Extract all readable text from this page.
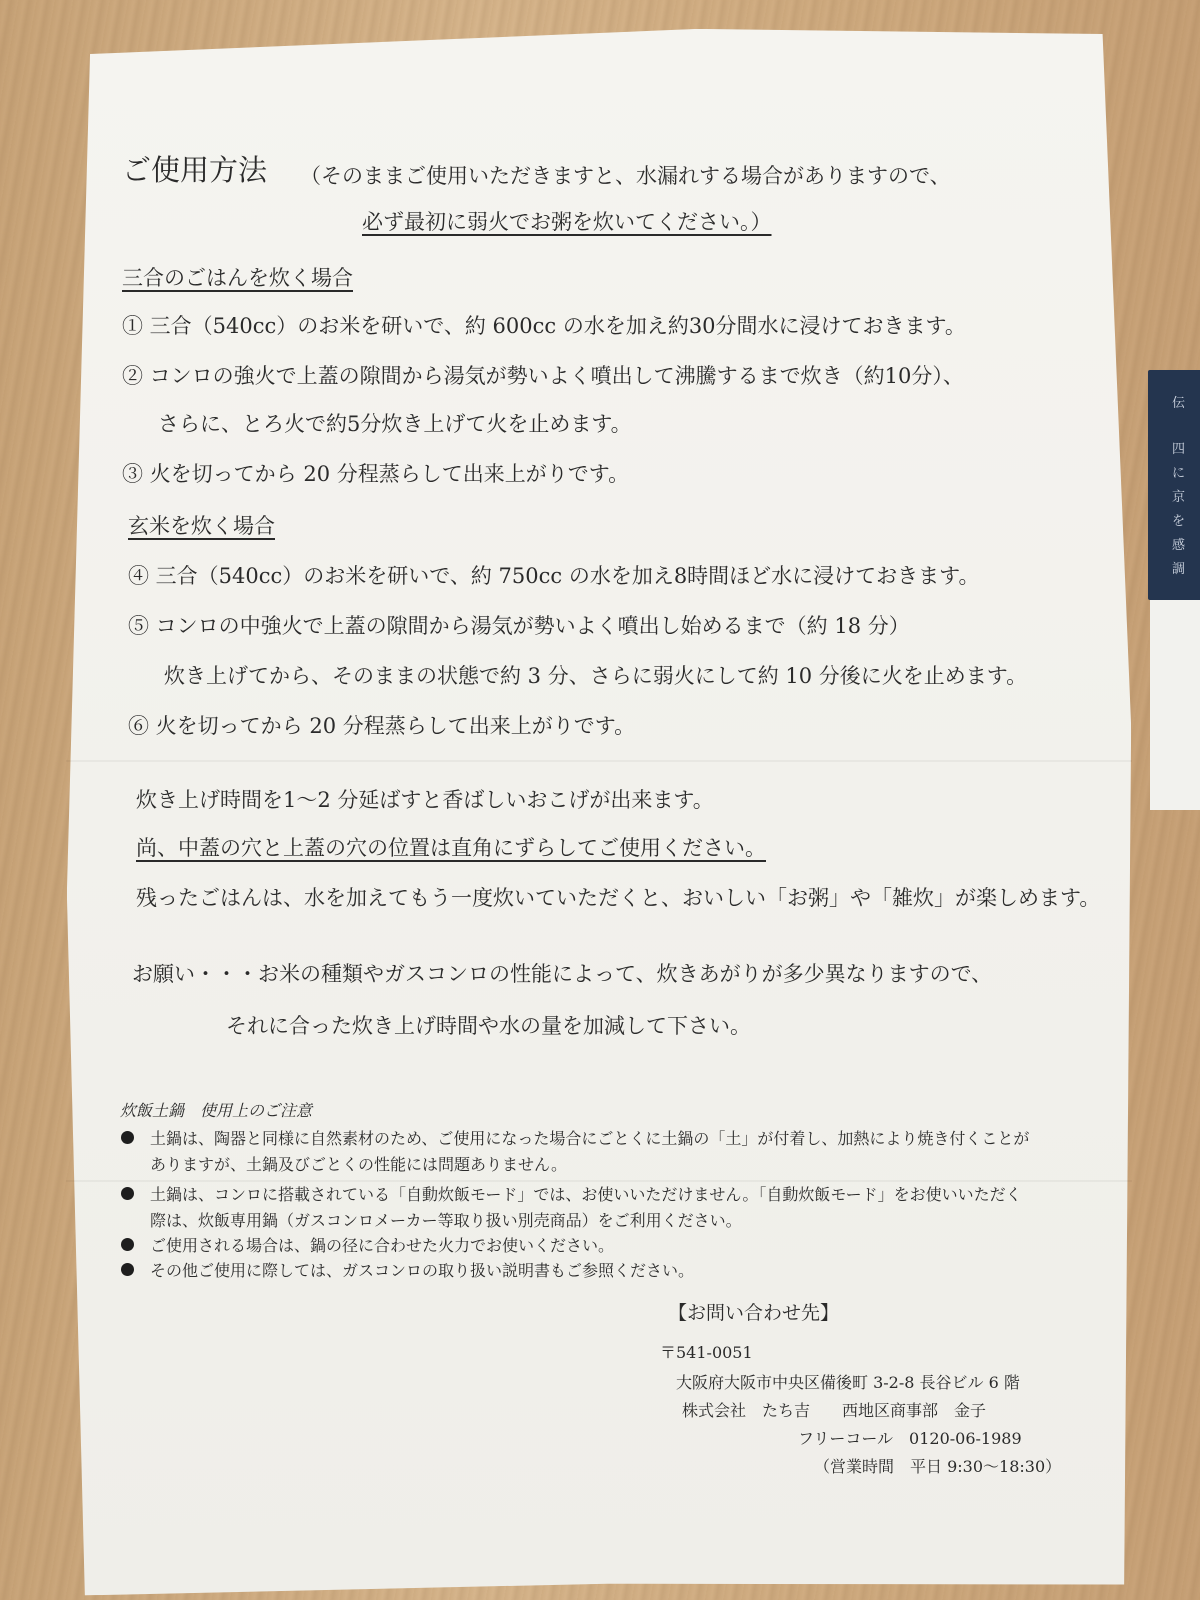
伝
四
に
京
を
感
調
ご使用方法 （そのままご使用いただきますと、水漏れする場合がありますので、
必ず最初に弱火でお粥を炊いてください。）
三合のごはんを炊く場合
① 三合（540cc）のお米を研いで、約 600cc の水を加え約30分間水に浸けておきます。
② コンロの強火で上蓋の隙間から湯気が勢いよく噴出して沸騰するまで炊き（約10分）、
さらに、とろ火で約5分炊き上げて火を止めます。
③ 火を切ってから 20 分程蒸らして出来上がりです。
玄米を炊く場合
④ 三合（540cc）のお米を研いで、約 750cc の水を加え8時間ほど水に浸けておきます。
⑤ コンロの中強火で上蓋の隙間から湯気が勢いよく噴出し始めるまで（約 18 分）
炊き上げてから、そのままの状態で約 3 分、さらに弱火にして約 10 分後に火を止めます。
⑥ 火を切ってから 20 分程蒸らして出来上がりです。
炊き上げ時間を1～2 分延ばすと香ばしいおこげが出来ます。
尚、中蓋の穴と上蓋の穴の位置は直角にずらしてご使用ください。
残ったごはんは、水を加えてもう一度炊いていただくと、おいしい「お粥」や「雑炊」が楽しめます。
お願い・・・お米の種類やガスコンロの性能によって、炊きあがりが多少異なりますので、
それに合った炊き上げ時間や水の量を加減して下さい。
炊飯土鍋　使用上のご注意
土鍋は、陶器と同様に自然素材のため、ご使用になった場合にごとくに土鍋の「土」が付着し、加熱により焼き付くことが
ありますが、土鍋及びごとくの性能には問題ありません。
土鍋は、コンロに搭載されている「自動炊飯モード」では、お使いいただけません。「自動炊飯モード」をお使いいただく
際は、炊飯専用鍋（ガスコンロメーカー等取り扱い別売商品）をご利用ください。
ご使用される場合は、鍋の径に合わせた火力でお使いください。
その他ご使用に際しては、ガスコンロの取り扱い説明書もご参照ください。
【お問い合わせ先】
〒541-0051
大阪府大阪市中央区備後町 3-2-8 長谷ビル 6 階
株式会社　たち吉　　西地区商事部　金子
フリーコール　0120-06-1989
（営業時間　平日 9:30～18:30）
